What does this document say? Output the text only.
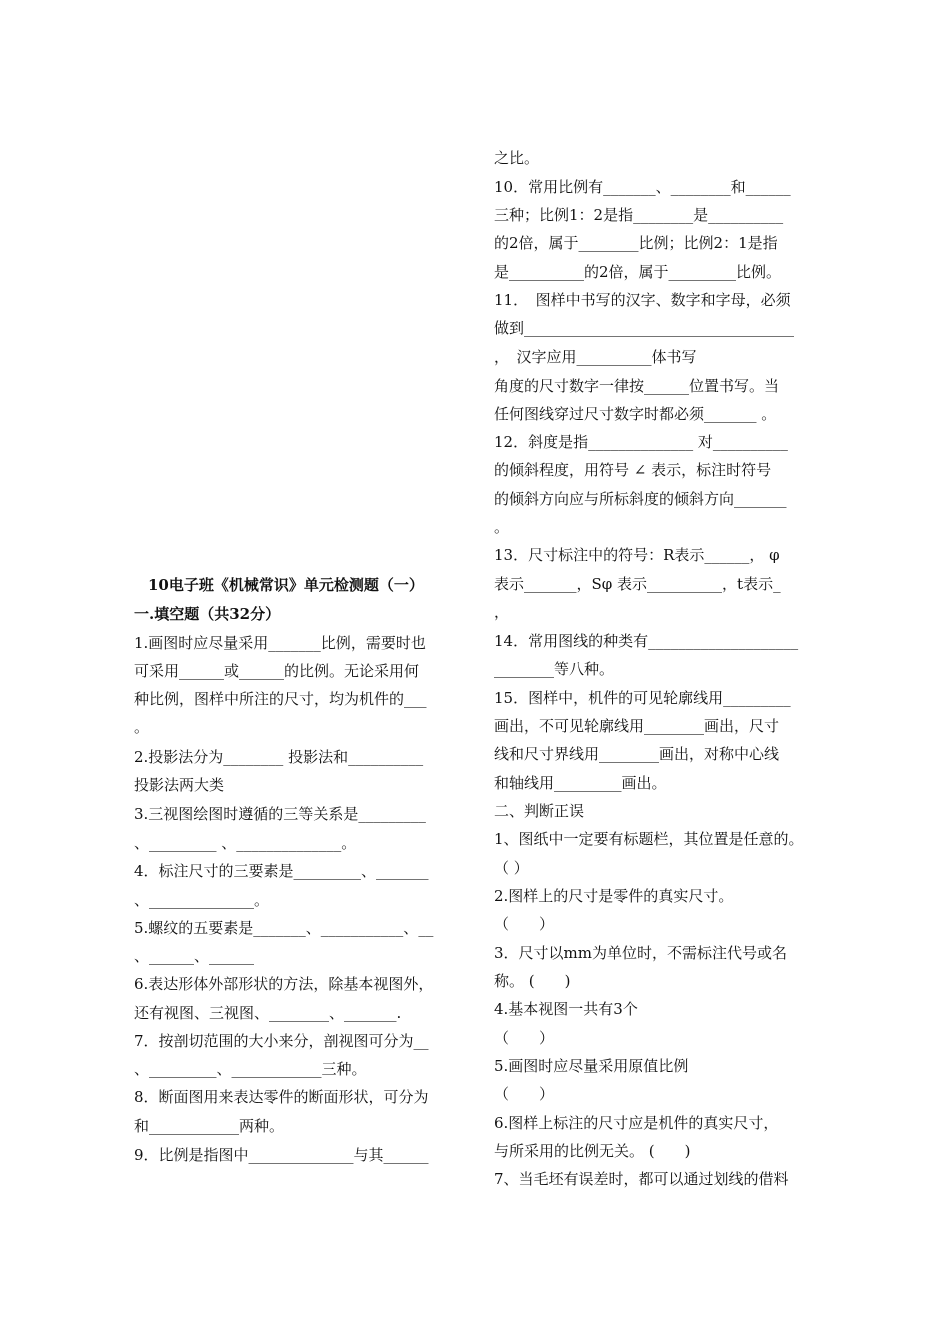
10电子班《机械常识》单元检测题（一）
一.填空题（共32分）
1.画图时应尽量采用_______比例，需要时也
可采用______或______的比例。无论采用何
种比例，图样中所注的尺寸，均为机件的___
。
2.投影法分为________ 投影法和__________
投影法两大类
3.三视图绘图时遵循的三等关系是_________
、_________ 、______________。
4．标注尺寸的三要素是_________、_______
、______________。
5.螺纹的五要素是_______、___________、__
、______、______
6.表达形体外部形状的方法，除基本视图外，
还有视图、三视图、________、_______.
7．按剖切范围的大小来分，剖视图可分为__
、_________、____________三种。
8．断面图用来表达零件的断面形状，可分为
和____________两种。
9．比例是指图中______________与其______
之比。
10．常用比例有_______、________和______
三种；比例1：2是指________是__________
的2倍，属于________比例；比例2：1是指
是__________的2倍，属于_________比例。
11．　图样中书写的汉字、数字和字母，必须
做到____________________________________
，　汉字应用__________体书写
角度的尺寸数字一律按______位置书写。当
任何图线穿过尺寸数字时都必须_______ 。
12．斜度是指______________ 对__________
的倾斜程度，用符号 ∠ 表示，标注时符号
的倾斜方向应与所标斜度的倾斜方向_______
。
13．尺寸标注中的符号：R表示______， φ
表示_______，Sφ 表示__________，t表示_
，
14．常用图线的种类有____________________
________等八种。
15．图样中，机件的可见轮廓线用_________
画出，不可见轮廓线用________画出，尺寸
线和尺寸界线用________画出，对称中心线
和轴线用_________画出。
二、判断正误
1、图纸中一定要有标题栏，其位置是任意的。
（ ）
2.图样上的尺寸是零件的真实尺寸。
（　　）
3．尺寸以mm为单位时，不需标注代号或名
称。 (　　)
4.基本视图一共有3个
（　　）
5.画图时应尽量采用原值比例
（　　）
6.图样上标注的尺寸应是机件的真实尺寸，
与所采用的比例无关。 (　　)
7、当毛坯有误差时，都可以通过划线的借料
